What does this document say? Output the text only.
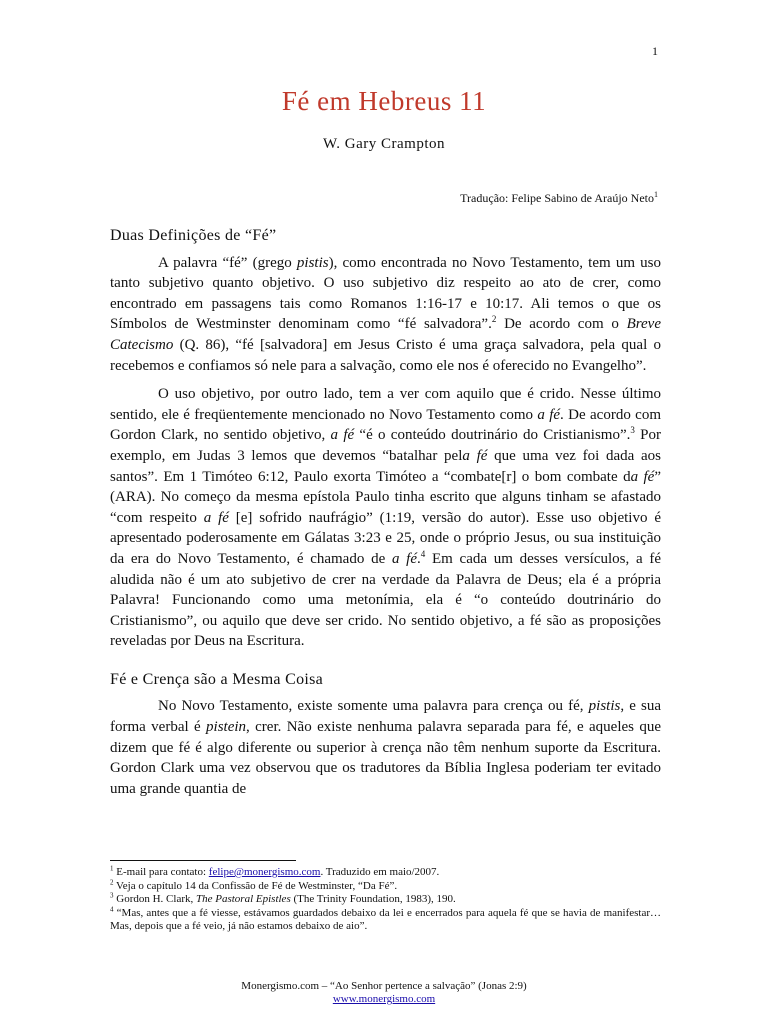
1
Fé em Hebreus 11
W. Gary Crampton
Tradução: Felipe Sabino de Araújo Neto$^1$
Duas Definições de “Fé”

A palavra “fé” (grego pistis), como encontrada no Novo Testamento, tem um uso tanto subjetivo quanto objetivo. O uso subjetivo diz respeito ao ato de crer, como encontrado em passagens tais como Romanos 1:16-17 e 10:17. Ali temos o que os Símbolos de Westminster denominam como “fé salvadora”.$^2$ De acordo com o Breve Catecismo (Q. 86), “fé [salvadora] em Jesus Cristo é uma graça salvadora, pela qual o recebemos e confiamos só nele para a salvação, como ele nos é oferecido no Evangelho”.

O uso objetivo, por outro lado, tem a ver com aquilo que é crido. Nesse último sentido, ele é freqüentemente mencionado no Novo Testamento como a fé. De acordo com Gordon Clark, no sentido objetivo, a fé “é o conteúdo doutrinário do Cristianismo”.$^3$ Por exemplo, em Judas 3 lemos que devemos “batalhar pela fé que uma vez foi dada aos santos”. Em 1 Timóteo 6:12, Paulo exorta Timóteo a “combate[r] o bom combate da fé” (ARA). No começo da mesma epístola Paulo tinha escrito que alguns tinham se afastado “com respeito a fé [e] sofrido naufrágio” (1:19, versão do autor). Esse uso objetivo é apresentado poderosamente em Gálatas 3:23 e 25, onde o próprio Jesus, ou sua instituição da era do Novo Testamento, é chamado de a fé.$^4$ Em cada um desses versículos, a fé aludida não é um ato subjetivo de crer na verdade da Palavra de Deus; ela é a própria Palavra! Funcionando como uma metonímia, ela é “o conteúdo doutrinário do Cristianismo”, ou aquilo que deve ser crido. No sentido objetivo, a fé são as proposições reveladas por Deus na Escritura.

Fé e Crença são a Mesma Coisa

No Novo Testamento, existe somente uma palavra para crença ou fé, pistis, e sua forma verbal é pistein, crer. Não existe nenhuma palavra separada para fé, e aqueles que dizem que fé é algo diferente ou superior à crença não têm nenhum suporte da Escritura. Gordon Clark uma vez observou que os tradutores da Bíblia Inglesa poderiam ter evitado uma grande quantia de

$^1$ E-mail para contato: felipe@monergismo.com. Traduzido em maio/2007.
$^2$ Veja o capítulo 14 da Confissão de Fé de Westminster, “Da Fé”.
$^3$ Gordon H. Clark, The Pastoral Epistles (The Trinity Foundation, 1983), 190.
$^4$ “Mas, antes que a fé viesse, estávamos guardados debaixo da lei e encerrados para aquela fé que se havia de manifestar… Mas, depois que a fé veio, já não estamos debaixo de aio”.
Monergismo.com – “Ao Senhor pertence a salvação” (Jonas 2:9)
www.monergismo.com
